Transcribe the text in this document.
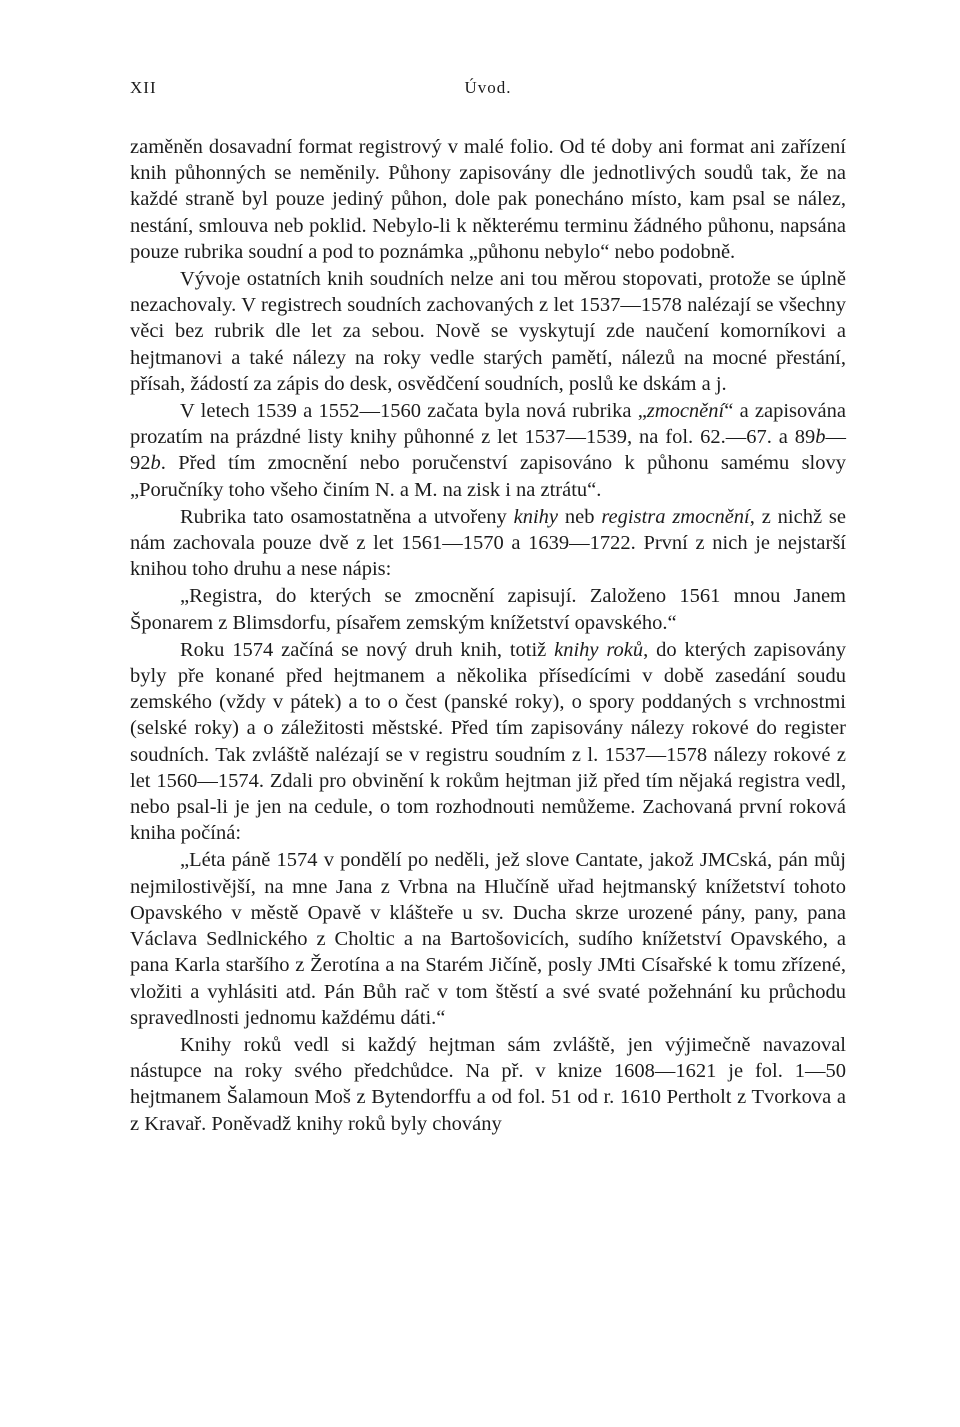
XII	Úvod.

zaměněn dosavadní format registrový v malé folio. Od té doby ani format ani zařízení knih půhonných se neměnily. Půhony zapisovány dle jednotlivých soudů tak, že na každé straně byl pouze jediný půhon, dole pak ponecháno místo, kam psal se nález, nestání, smlouva neb poklid. Nebylo-li k některému terminu žádného půhonu, napsána pouze rubrika soudní a pod to poznámka „půhonu nebylo“ nebo podobně.

Vývoje ostatních knih soudních nelze ani tou měrou stopovati, protože se úplně nezachovaly. V registrech soudních zachovaných z let 1537—1578 nalézají se všechny věci bez rubrik dle let za sebou. Nově se vyskytují zde naučení komorníkovi a hejtmanovi a také nálezy na roky vedle starých pamětí, nálezů na mocné přestání, přísah, žádostí za zápis do desk, osvědčení soudních, poslů ke dskám a j.

V letech 1539 a 1552—1560 začata byla nová rubrika „zmocnění“ a zapisována prozatím na prázdné listy knihy půhonné z let 1537—1539, na fol. 62.—67. a 89b—92b. Před tím zmocnění nebo poručenství zapisováno k půhonu samému slovy „Poručníky toho všeho činím N. a M. na zisk i na ztrátu“.

Rubrika tato osamostatněna a utvořeny knihy neb registra zmocnění, z nichž se nám zachovala pouze dvě z let 1561—1570 a 1639—1722. První z nich je nejstarší knihou toho druhu a nese nápis:

„Registra, do kterých se zmocnění zapisují. Založeno 1561 mnou Janem Šponarem z Blimsdorfu, písařem zemským knížetství opavského.“

Roku 1574 začíná se nový druh knih, totiž knihy roků, do kterých zapisovány byly pře konané před hejtmanem a několika přísedícími v době zasedání soudu zemského (vždy v pátek) a to o čest (panské roky), o spory poddaných s vrchnostmi (selské roky) a o záležitosti městské. Před tím zapisovány nálezy rokové do register soudních. Tak zvláště nalézají se v registru soudním z l. 1537—1578 nálezy rokové z let 1560—1574. Zdali pro obvinění k rokům hejtman již před tím nějaká registra vedl, nebo psal-li je jen na cedule, o tom rozhodnouti nemůžeme. Zachovaná první roková kniha počíná:

„Léta páně 1574 v pondělí po neděli, jež slove Cantate, jakož JMCská, pán můj nejmilostivější, na mne Jana z Vrbna na Hlučíně uřad hejtmanský knížetství tohoto Opavského v městě Opavě v klášteře u sv. Ducha skrze urozené pány, pany, pana Václava Sedlnického z Choltic a na Bartošovicích, sudího knížetství Opavského, a pana Karla staršího z Žerotína a na Starém Jičíně, posly JMti Císařské k tomu zřízené, vložiti a vyhlásiti atd. Pán Bůh rač v tom štěstí a své svaté požehnání ku průchodu spravedlnosti jednomu každému dáti.“

Knihy roků vedl si každý hejtman sám zvláště, jen výjimečně navazoval nástupce na roky svého předchůdce. Na př. v knize 1608—1621 je fol. 1—50 hejtmanem Šalamoun Moš z Bytendorffu a od fol. 51 od r. 1610 Pertholt z Tvorkova a z Kravař. Poněvadž knihy roků byly chovány
